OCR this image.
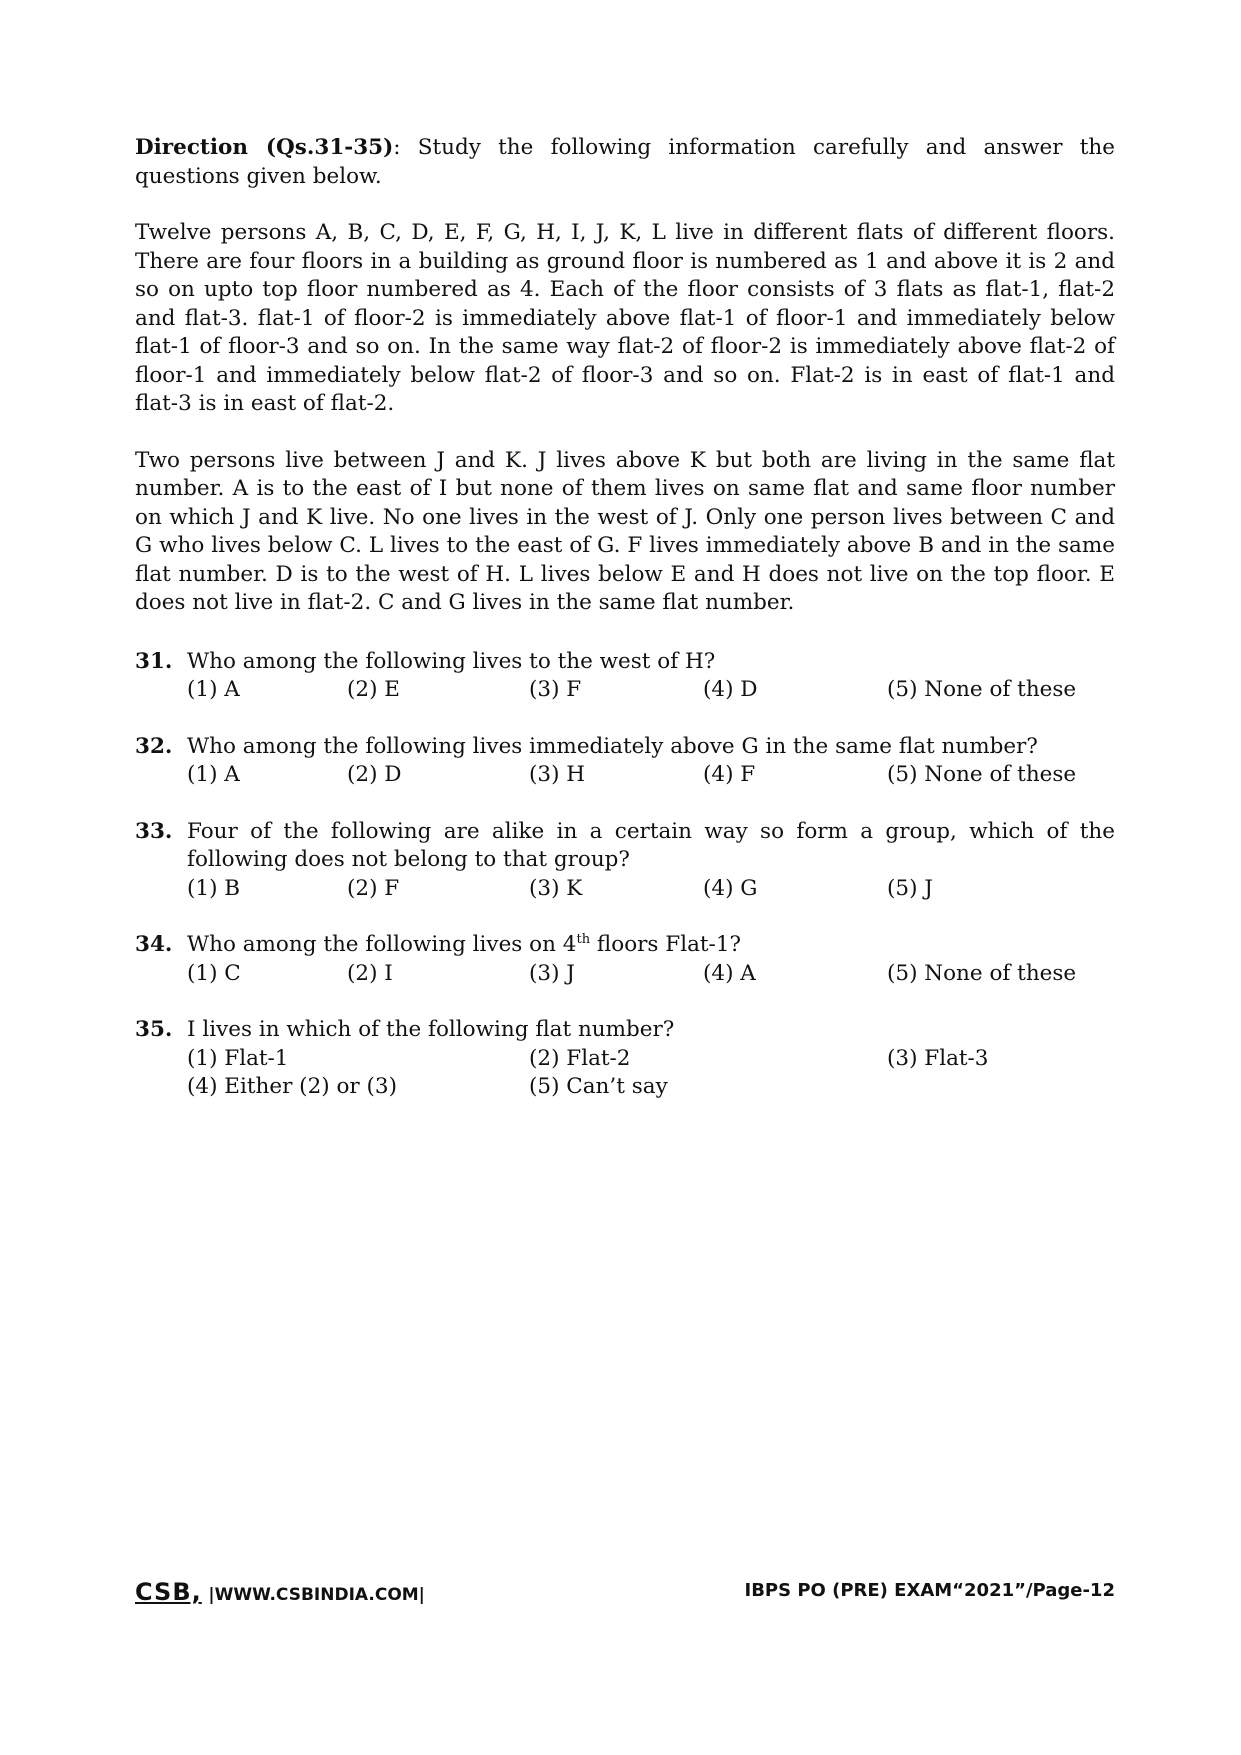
Direction (Qs.31-35): Study the following information carefully and answer the questions given below.

Twelve persons A, B, C, D, E, F, G, H, I, J, K, L live in different flats of different floors. There are four floors in a building as ground floor is numbered as 1 and above it is 2 and so on upto top floor numbered as 4. Each of the floor consists of 3 flats as flat-1, flat-2 and flat-3. flat-1 of floor-2 is immediately above flat-1 of floor-1 and immediately below flat-1 of floor-3 and so on. In the same way flat-2 of floor-2 is immediately above flat-2 of floor-1 and immediately below flat-2 of floor-3 and so on. Flat-2 is in east of flat-1 and flat-3 is in east of flat-2.

Two persons live between J and K. J lives above K but both are living in the same flat number. A is to the east of I but none of them lives on same flat and same floor number on which J and K live. No one lives in the west of J. Only one person lives between C and G who lives below C. L lives to the east of G. F lives immediately above B and in the same flat number. D is to the west of H. L lives below E and H does not live on the top floor. E does not live in flat-2. C and G lives in the same flat number.

31. Who among the following lives to the west of H?
(1) A	(2) E	(3) F	(4) D	(5) None of these
32. Who among the following lives immediately above G in the same flat number?
(1) A	(2) D	(3) H	(4) F	(5) None of these
33. Four of the following are alike in a certain way so form a group, which of the following does not belong to that group?
(1) B	(2) F	(3) K	(4) G	(5) J
34. Who among the following lives on 4th floors Flat-1?
(1) C	(2) I	(3) J	(4) A	(5) None of these
35. I lives in which of the following flat number?
(1) Flat-1	(2) Flat-2	(3) Flat-3
(4) Either (2) or (3)	(5) Can’t say
CSB, |WWW.CSBINDIA.COM|	IBPS PO (PRE) EXAM“2021”/Page-12
